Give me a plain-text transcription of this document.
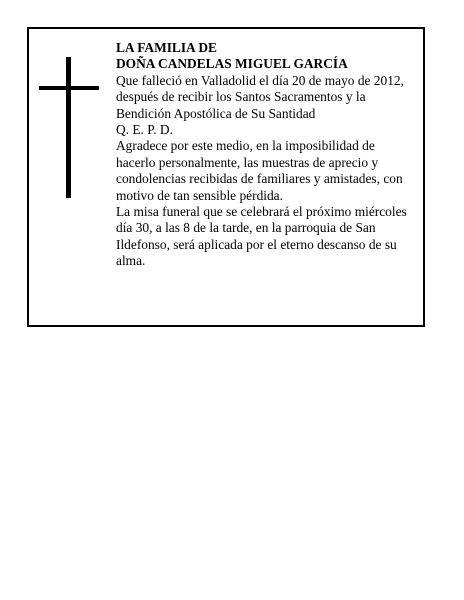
LA FAMILIA DE

DOÑA CANDELAS MIGUEL GARCÍA

Que falleció en Valladolid el día 20 de mayo de 2012, después de recibir los Santos Sacramentos y la Bendición Apostólica de Su Santidad

Q. E. P. D.

Agradece por este medio, en la imposibilidad de hacerlo personalmente, las muestras de aprecio y condolencias recibidas de familiares y amistades, con motivo de tan sensible pérdida.

La misa funeral que se celebrará el próximo miércoles día 30, a las 8 de la tarde, en la parroquia de San Ildefonso, será aplicada por el eterno descanso de su alma.
